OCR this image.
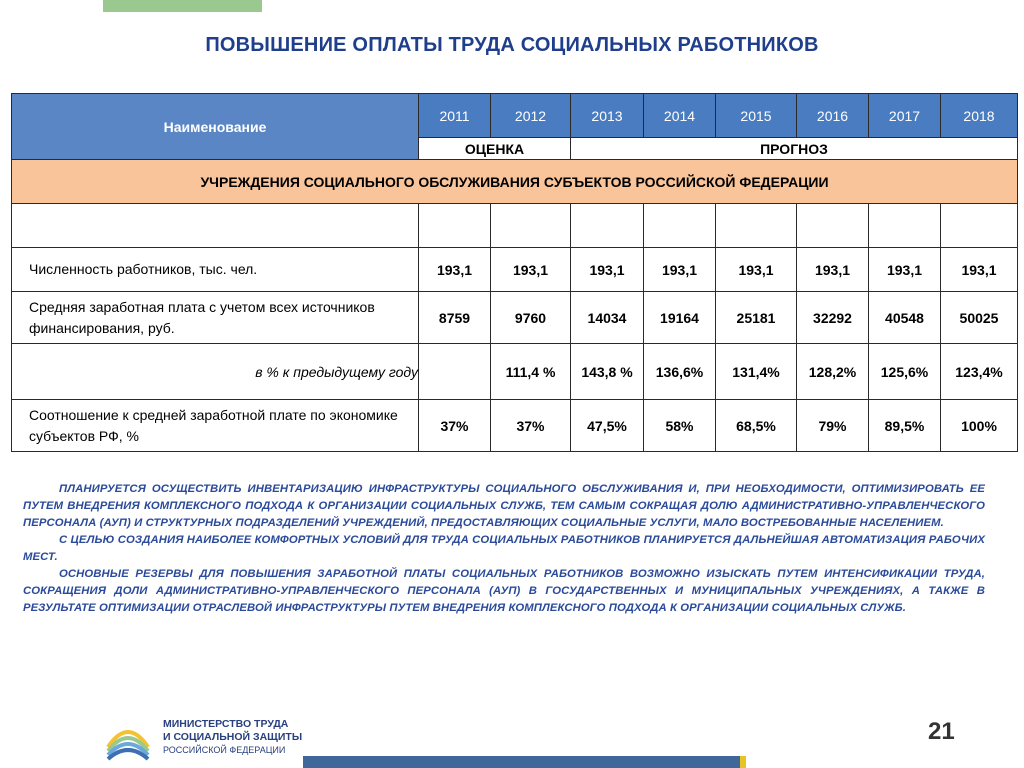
ПОВЫШЕНИЕ ОПЛАТЫ ТРУДА СОЦИАЛЬНЫХ РАБОТНИКОВ
Наименование	2011	2012	2013	2014	2015	2016	2017	2018
	ОЦЕНКА		ПРОГНОЗ					
УЧРЕЖДЕНИЯ СОЦИАЛЬНОГО ОБСЛУЖИВАНИЯ СУБЪЕКТОВ РОССИЙСКОЙ ФЕДЕРАЦИИ								

Численность работников, тыс. чел.	193,1	193,1	193,1	193,1	193,1	193,1	193,1	193,1
Средняя заработная плата с учетом всех источников финансирования, руб.	8759	9760	14034	19164	25181	32292	40548	50025
в % к предыдущему году		111,4 %	143,8 %	136,6%	131,4%	128,2%	125,6%	123,4%
Соотношение к средней заработной плате по экономике субъектов РФ, %	37%	37%	47,5%	58%	68,5%	79%	89,5%	100%

ПЛАНИРУЕТСЯ ОСУЩЕСТВИТЬ ИНВЕНТАРИЗАЦИЮ ИНФРАСТРУКТУРЫ СОЦИАЛЬНОГО ОБСЛУЖИВАНИЯ И, ПРИ НЕОБХОДИМОСТИ, ОПТИМИЗИРОВАТЬ ЕЕ ПУТЕМ ВНЕДРЕНИЯ КОМПЛЕКСНОГО ПОДХОДА К ОРГАНИЗАЦИИ СОЦИАЛЬНЫХ СЛУЖБ, ТЕМ САМЫМ СОКРАЩАЯ ДОЛЮ АДМИНИСТРАТИВНО-УПРАВЛЕНЧЕСКОГО ПЕРСОНАЛА (АУП) И СТРУКТУРНЫХ ПОДРАЗДЕЛЕНИЙ УЧРЕЖДЕНИЙ, ПРЕДОСТАВЛЯЮЩИХ СОЦИАЛЬНЫЕ УСЛУГИ, МАЛО ВОСТРЕБОВАННЫЕ НАСЕЛЕНИЕМ.

С ЦЕЛЬЮ СОЗДАНИЯ НАИБОЛЕЕ КОМФОРТНЫХ УСЛОВИЙ ДЛЯ ТРУДА СОЦИАЛЬНЫХ РАБОТНИКОВ ПЛАНИРУЕТСЯ ДАЛЬНЕЙШАЯ АВТОМАТИЗАЦИЯ РАБОЧИХ МЕСТ.

ОСНОВНЫЕ РЕЗЕРВЫ ДЛЯ ПОВЫШЕНИЯ ЗАРАБОТНОЙ ПЛАТЫ СОЦИАЛЬНЫХ РАБОТНИКОВ ВОЗМОЖНО ИЗЫСКАТЬ ПУТЕМ ИНТЕНСИФИКАЦИИ ТРУДА, СОКРАЩЕНИЯ ДОЛИ АДМИНИСТРАТИВНО-УПРАВЛЕНЧЕСКОГО ПЕРСОНАЛА (АУП) В ГОСУДАРСТВЕННЫХ И МУНИЦИПАЛЬНЫХ УЧРЕЖДЕНИЯХ, А ТАКЖЕ В РЕЗУЛЬТАТЕ ОПТИМИЗАЦИИ ОТРАСЛЕВОЙ ИНФРАСТРУКТУРЫ ПУТЕМ ВНЕДРЕНИЯ КОМПЛЕКСНОГО ПОДХОДА К ОРГАНИЗАЦИИ СОЦИАЛЬНЫХ СЛУЖБ.

МИНИСТЕРСТВО ТРУДА
И СОЦИАЛЬНОЙ ЗАЩИТЫ
РОССИЙСКОЙ ФЕДЕРАЦИИ
21
